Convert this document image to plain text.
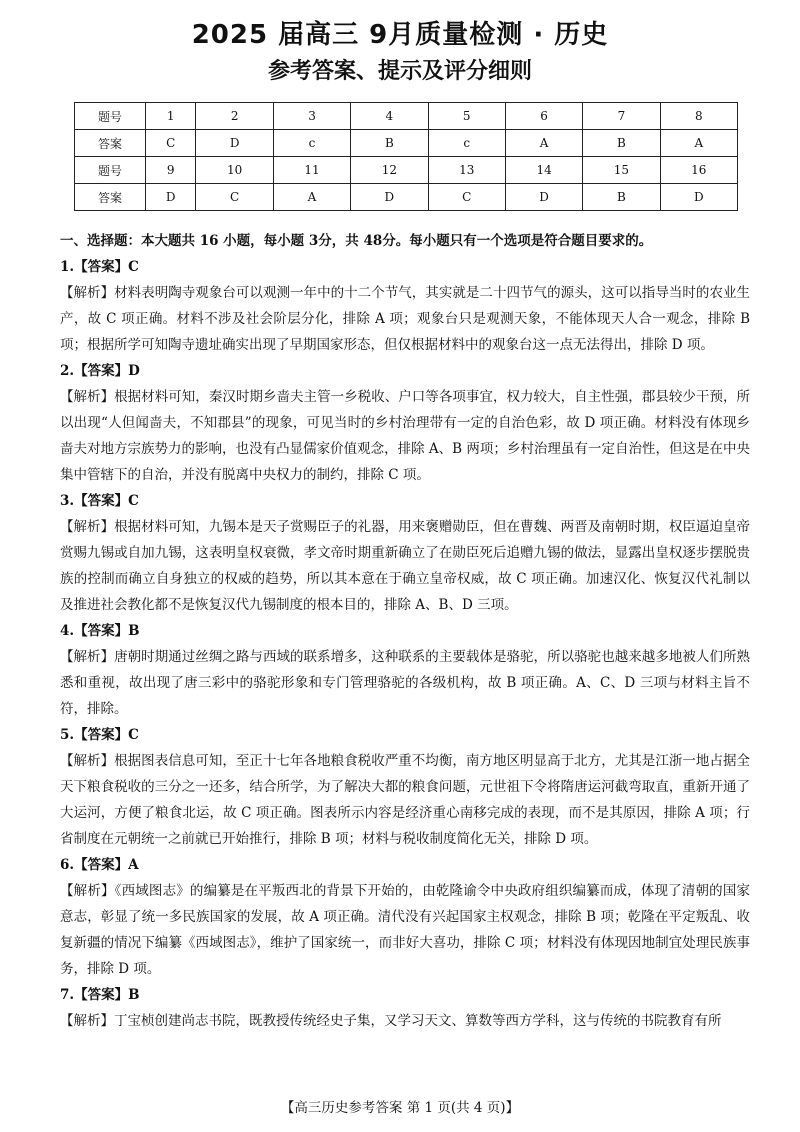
2025 届高三 9月质量检测 · 历史
参考答案、提示及评分细则
题号	1	2	3	4	5	6	7	8
答案	C	D	c	B	c	A	B	A
题号	9	10	11	12	13	14	15	16
答案	D	C	A	D	C	D	B	D

一、选择题：本大题共 16 小题，每小题 3分，共 48分。每小题只有一个选项是符合题目要求的。

1.【答案】C

【解析】材料表明陶寺观象台可以观测一年中的十二个节气，其实就是二十四节气的源头，这可以指导当时的农业生产，故 C 项正确。材料不涉及社会阶层分化，排除 A 项；观象台只是观测天象，不能体现天人合一观念，排除 B 项；根据所学可知陶寺遗址确实出现了早期国家形态，但仅根据材料中的观象台这一点无法得出，排除 D 项。

2.【答案】D

【解析】根据材料可知，秦汉时期乡啬夫主管一乡税收、户口等各项事宜，权力较大，自主性强，郡县较少干预，所以出现“人但闻啬夫，不知郡县”的现象，可见当时的乡村治理带有一定的自治色彩，故 D 项正确。材料没有体现乡啬夫对地方宗族势力的影响，也没有凸显儒家价值观念，排除 A、B 两项；乡村治理虽有一定自治性，但这是在中央集中管辖下的自治，并没有脱离中央权力的制约，排除 C 项。

3.【答案】C

【解析】根据材料可知，九锡本是天子赏赐臣子的礼器，用来褒赠勋臣，但在曹魏、两晋及南朝时期，权臣逼迫皇帝赏赐九锡或自加九锡，这表明皇权衰微，孝文帝时期重新确立了在勋臣死后追赠九锡的做法，显露出皇权逐步摆脱贵族的控制而确立自身独立的权威的趋势，所以其本意在于确立皇帝权威，故 C 项正确。加速汉化、恢复汉代礼制以及推进社会教化都不是恢复汉代九锡制度的根本目的，排除 A、B、D 三项。

4.【答案】B

【解析】唐朝时期通过丝绸之路与西域的联系增多，这种联系的主要载体是骆驼，所以骆驼也越来越多地被人们所熟悉和重视，故出现了唐三彩中的骆驼形象和专门管理骆驼的各级机构，故 B 项正确。A、C、D 三项与材料主旨不符，排除。

5.【答案】C

【解析】根据图表信息可知，至正十七年各地粮食税收严重不均衡，南方地区明显高于北方，尤其是江浙一地占据全天下粮食税收的三分之一还多，结合所学，为了解决大都的粮食问题，元世祖下令将隋唐运河截弯取直，重新开通了大运河，方便了粮食北运，故 C 项正确。图表所示内容是经济重心南移完成的表现，而不是其原因，排除 A 项；行省制度在元朝统一之前就已开始推行，排除 B 项；材料与税收制度简化无关，排除 D 项。

6.【答案】A

【解析】《西域图志》的编纂是在平叛西北的背景下开始的，由乾隆谕令中央政府组织编纂而成，体现了清朝的国家意志，彰显了统一多民族国家的发展，故 A 项正确。清代没有兴起国家主权观念，排除 B 项；乾隆在平定叛乱、收复新疆的情况下编纂《西域图志》，维护了国家统一，而非好大喜功，排除 C 项；材料没有体现因地制宜处理民族事务，排除 D 项。

7.【答案】B

【解析】丁宝桢创建尚志书院，既教授传统经史子集，又学习天文、算数等西方学科，这与传统的书院教育有所

【高三历史参考答案 第 1 页(共 4 页)】
